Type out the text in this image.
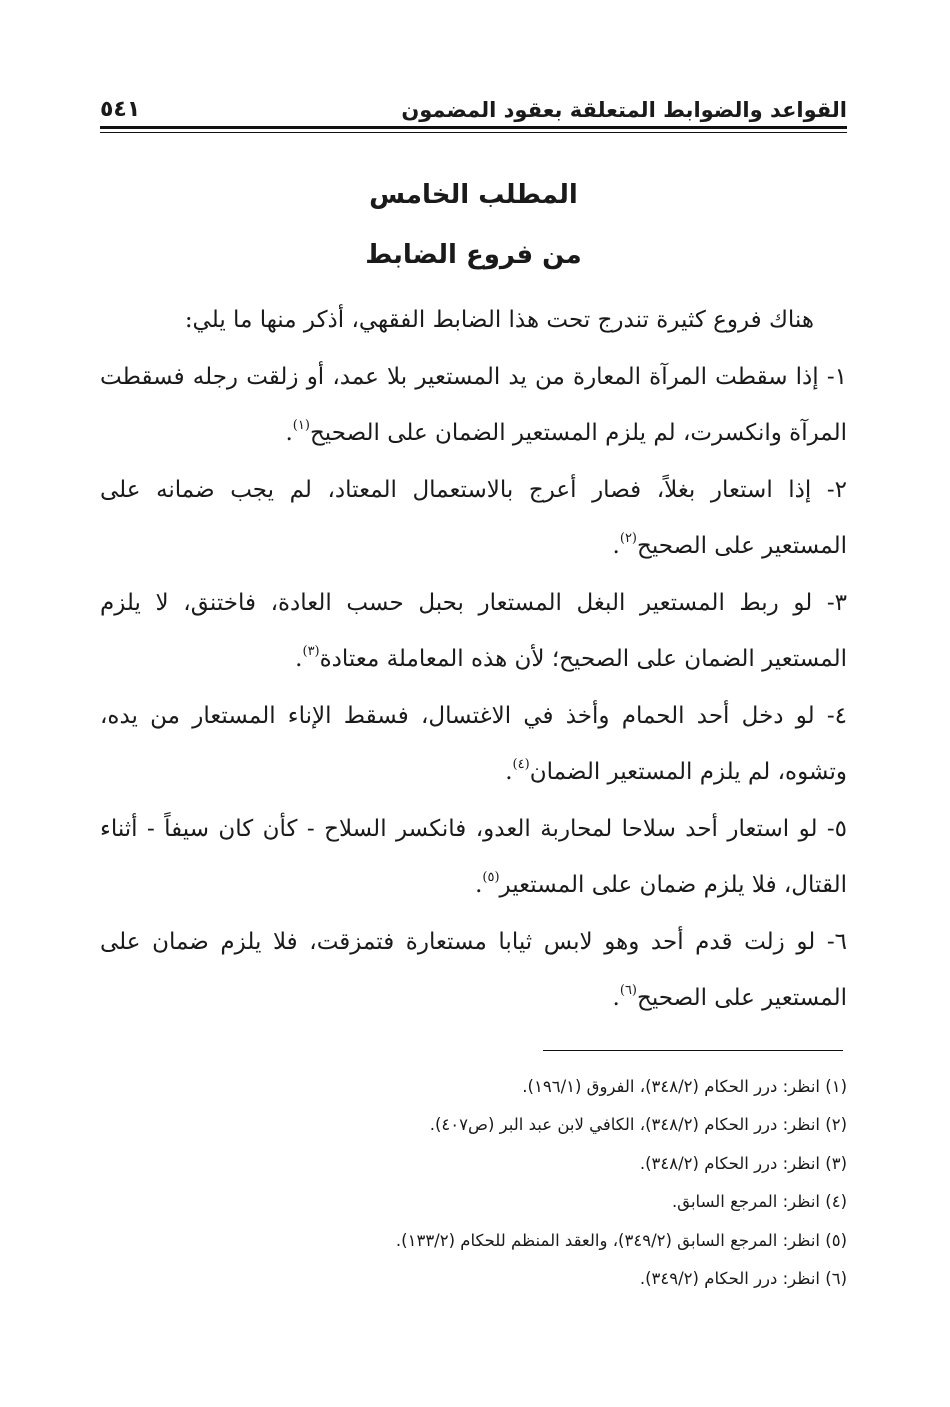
القواعد والضوابط المتعلقة بعقود المضمون
٥٤١
المطلب الخامس
من فروع الضابط

هناك فروع كثيرة تندرج تحت هذا الضابط الفقهي، أذكر منها ما يلي:

١- إذا سقطت المرآة المعارة من يد المستعير بلا عمد، أو زلقت رجله فسقطت المرآة وانكسرت، لم يلزم المستعير الضمان على الصحيح$^{(١)}$.

٢- إذا استعار بغلاً، فصار أعرج بالاستعمال المعتاد، لم يجب ضمانه على المستعير على الصحيح$^{(٢)}$.

٣- لو ربط المستعير البغل المستعار بحبل حسب العادة، فاختنق، لا يلزم المستعير الضمان على الصحيح؛ لأن هذه المعاملة معتادة$^{(٣)}$.

٤- لو دخل أحد الحمام وأخذ في الاغتسال، فسقط الإناء المستعار من يده، وتشوه، لم يلزم المستعير الضمان$^{(٤)}$.

٥- لو استعار أحد سلاحا لمحاربة العدو، فانكسر السلاح - كأن كان سيفاً - أثناء القتال، فلا يلزم ضمان على المستعير$^{(٥)}$.

٦- لو زلت قدم أحد وهو لابس ثيابا مستعارة فتمزقت، فلا يلزم ضمان على المستعير على الصحيح$^{(٦)}$.

(١) انظر: درر الحكام (٣٤٨/٢)، الفروق (١٩٦/١).
(٢) انظر: درر الحكام (٣٤٨/٢)، الكافي لابن عبد البر (ص٤٠٧).
(٣) انظر: درر الحكام (٣٤٨/٢).
(٤) انظر: المرجع السابق.
(٥) انظر: المرجع السابق (٣٤٩/٢)، والعقد المنظم للحكام (١٣٣/٢).
(٦) انظر: درر الحكام (٣٤٩/٢).
